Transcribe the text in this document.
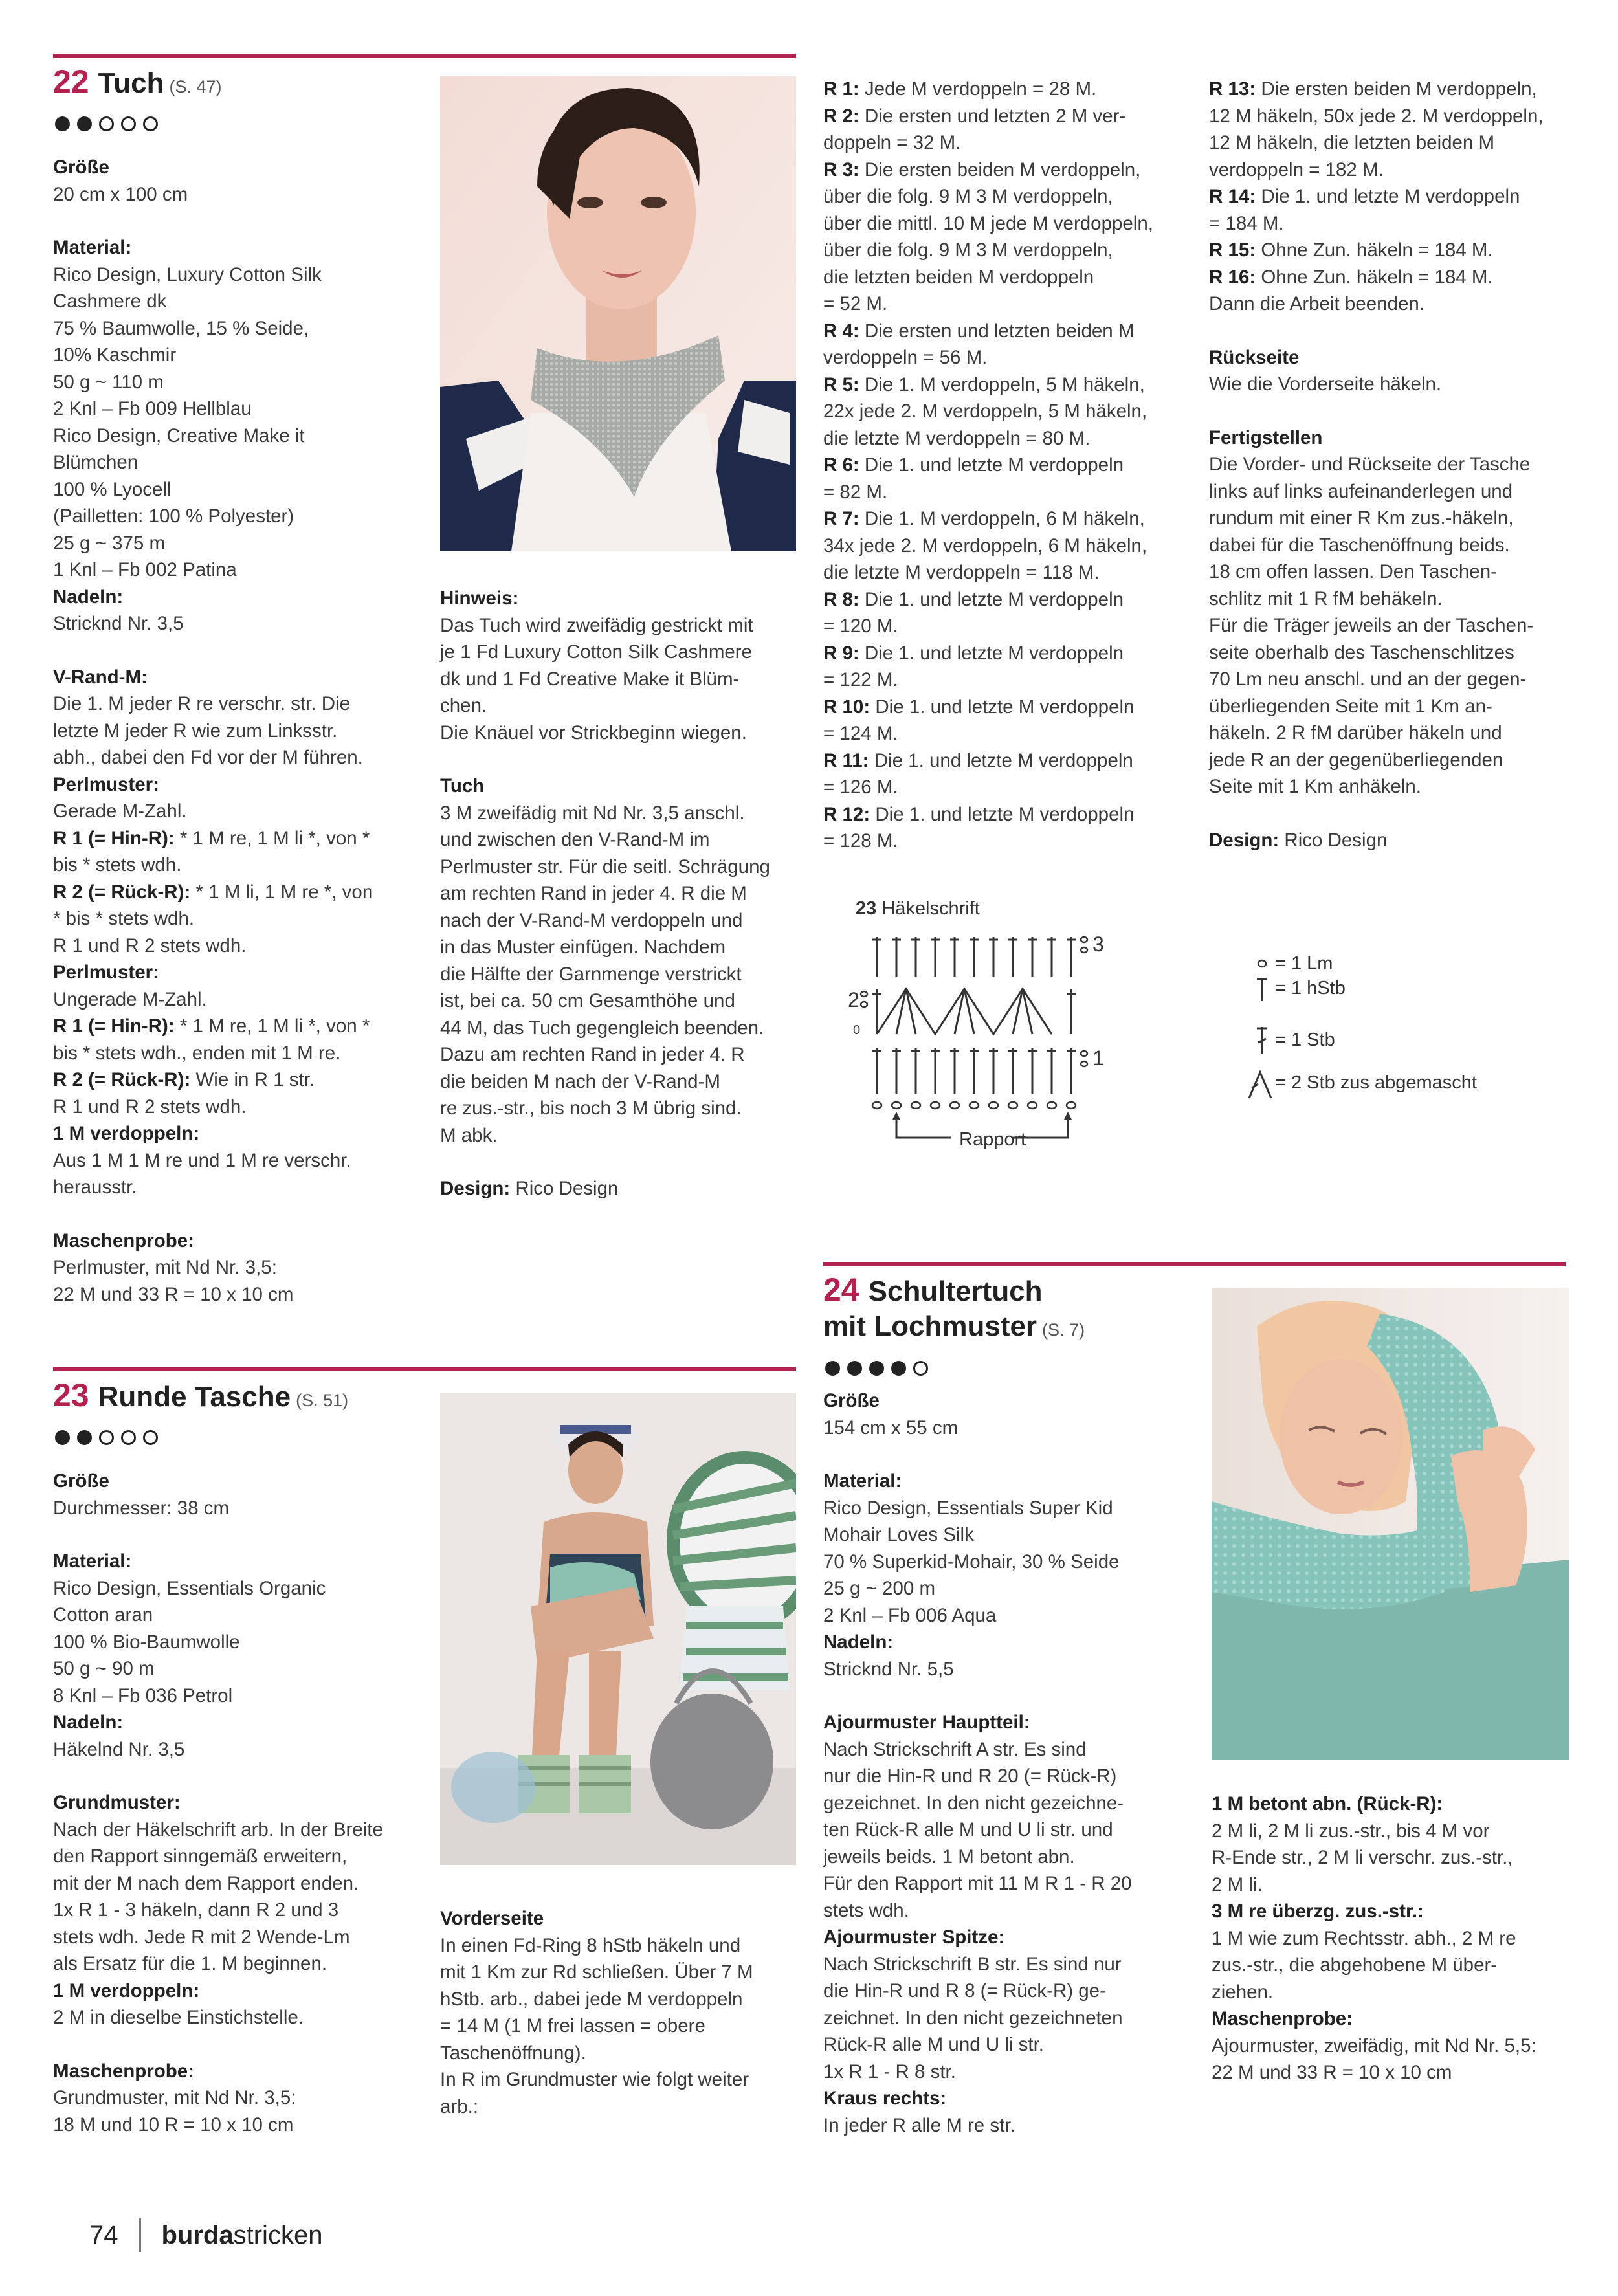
22 Tuch (S. 47)

Größe

20 cm x 100 cm

Material:

Rico Design, Luxury Cotton Silk

Cashmere dk

75 % Baumwolle, 15 % Seide,

10% Kaschmir

50 g ~ 110 m

2 Knl – Fb 009 Hellblau

Rico Design, Creative Make it

Blümchen

100 % Lyocell

(Pailletten: 100 % Polyester)

25 g ~ 375 m

1 Knl – Fb 002 Patina

Nadeln:

Stricknd Nr. 3,5

V-Rand-M:

Die 1. M jeder R re verschr. str. Die

letzte M jeder R wie zum Linksstr.

abh., dabei den Fd vor der M führen.

Perlmuster:

Gerade M-Zahl.

R 1 (= Hin-R): * 1 M re, 1 M li *, von *

bis * stets wdh.

R 2 (= Rück-R): * 1 M li, 1 M re *, von

* bis * stets wdh.

R 1 und R 2 stets wdh.

Perlmuster:

Ungerade M-Zahl.

R 1 (= Hin-R): * 1 M re, 1 M li *, von *

bis * stets wdh., enden mit 1 M re.

R 2 (= Rück-R): Wie in R 1 str.

R 1 und R 2 stets wdh.

1 M verdoppeln:

Aus 1 M 1 M re und 1 M re verschr.

herausstr.

Maschenprobe:

Perlmuster, mit Nd Nr. 3,5:

22 M und 33 R = 10 x 10 cm

Hinweis:

Das Tuch wird zweifädig gestrickt mit

je 1 Fd Luxury Cotton Silk Cashmere

dk und 1 Fd Creative Make it Blüm-

chen.

Die Knäuel vor Strickbeginn wiegen.

Tuch

3 M zweifädig mit Nd Nr. 3,5 anschl.

und zwischen den V-Rand-M im

Perlmuster str. Für die seitl. Schrägung

am rechten Rand in jeder 4. R die M

nach der V-Rand-M verdoppeln und

in das Muster einfügen. Nachdem

die Hälfte der Garnmenge verstrickt

ist, bei ca. 50 cm Gesamthöhe und

44 M, das Tuch gegengleich beenden.

Dazu am rechten Rand in jeder 4. R

die beiden M nach der V-Rand-M

re zus.-str., bis noch 3 M übrig sind.

M abk.

Design: Rico Design

R 1: Jede M verdoppeln = 28 M.

R 2: Die ersten und letzten 2 M ver-

doppeln = 32 M.

R 3: Die ersten beiden M verdoppeln,

über die folg. 9 M 3 M verdoppeln,

über die mittl. 10 M jede M verdoppeln,

über die folg. 9 M 3 M verdoppeln,

die letzten beiden M verdoppeln

= 52 M.

R 4: Die ersten und letzten beiden M

verdoppeln = 56 M.

R 5: Die 1. M verdoppeln, 5 M häkeln,

22x jede 2. M verdoppeln, 5 M häkeln,

die letzte M verdoppeln = 80 M.

R 6: Die 1. und letzte M verdoppeln

= 82 M.

R 7: Die 1. M verdoppeln, 6 M häkeln,

34x jede 2. M verdoppeln, 6 M häkeln,

die letzte M verdoppeln = 118 M.

R 8: Die 1. und letzte M verdoppeln

= 120 M.

R 9: Die 1. und letzte M verdoppeln

= 122 M.

R 10: Die 1. und letzte M verdoppeln

= 124 M.

R 11: Die 1. und letzte M verdoppeln

= 126 M.

R 12: Die 1. und letzte M verdoppeln

= 128 M.

R 13: Die ersten beiden M verdoppeln,

12 M häkeln, 50x jede 2. M verdoppeln,

12 M häkeln, die letzten beiden M

verdoppeln = 182 M.

R 14: Die 1. und letzte M verdoppeln

= 184 M.

R 15: Ohne Zun. häkeln = 184 M.

R 16: Ohne Zun. häkeln = 184 M.

Dann die Arbeit beenden.

Rückseite

Wie die Vorderseite häkeln.

Fertigstellen

Die Vorder- und Rückseite der Tasche

links auf links aufeinanderlegen und

rundum mit einer R Km zus.-häkeln,

dabei für die Taschenöffnung beids.

18 cm offen lassen. Den Taschen-

schlitz mit 1 R fM behäkeln.

Für die Träger jeweils an der Taschen-

seite oberhalb des Taschenschlitzes

70 Lm neu anschl. und an der gegen-

überliegenden Seite mit 1 Km an-

häkeln. 2 R fM darüber häkeln und

jede R an der gegenüberliegenden

Seite mit 1 Km anhäkeln.

Design: Rico Design

23 Häkelschrift
3
2
0
1
Rapport
= 1 Lm
= 1 hStb
= 1 Stb
= 2 Stb zus abgemascht
23 Runde Tasche (S. 51)

Größe

Durchmesser: 38 cm

Material:

Rico Design, Essentials Organic

Cotton aran

100 % Bio-Baumwolle

50 g ~ 90 m

8 Knl – Fb 036 Petrol

Nadeln:

Häkelnd Nr. 3,5

Grundmuster:

Nach der Häkelschrift arb. In der Breite

den Rapport sinngemäß erweitern,

mit der M nach dem Rapport enden.

1x R 1 - 3 häkeln, dann R 2 und 3

stets wdh. Jede R mit 2 Wende-Lm

als Ersatz für die 1. M beginnen.

1 M verdoppeln:

2 M in dieselbe Einstichstelle.

Maschenprobe:

Grundmuster, mit Nd Nr. 3,5:

18 M und 10 R = 10 x 10 cm

Vorderseite

In einen Fd-Ring 8 hStb häkeln und

mit 1 Km zur Rd schließen. Über 7 M

hStb. arb., dabei jede M verdoppeln

= 14 M (1 M frei lassen = obere

Taschenöffnung).

In R im Grundmuster wie folgt weiter

arb.:

24 Schultertuch
mit Lochmuster (S. 7)

Größe

154 cm x 55 cm

Material:

Rico Design, Essentials Super Kid

Mohair Loves Silk

70 % Superkid-Mohair, 30 % Seide

25 g ~ 200 m

2 Knl – Fb 006 Aqua

Nadeln:

Stricknd Nr. 5,5

Ajourmuster Hauptteil:

Nach Strickschrift A str. Es sind

nur die Hin-R und R 20 (= Rück-R)

gezeichnet. In den nicht gezeichne-

ten Rück-R alle M und U li str. und

jeweils beids. 1 M betont abn.

Für den Rapport mit 11 M R 1 - R 20

stets wdh.

Ajourmuster Spitze:

Nach Strickschrift B str. Es sind nur

die Hin-R und R 8 (= Rück-R) ge-

zeichnet. In den nicht gezeichneten

Rück-R alle M und U li str.

1x R 1 - R 8 str.

Kraus rechts:

In jeder R alle M re str.

1 M betont abn. (Rück-R):

2 M li, 2 M li zus.-str., bis 4 M vor

R-Ende str., 2 M li verschr. zus.-str.,

2 M li.

3 M re überzg. zus.-str.:

1 M wie zum Rechtsstr. abh., 2 M re

zus.-str., die abgehobene M über-

ziehen.

Maschenprobe:

Ajourmuster, zweifädig, mit Nd Nr. 5,5:

22 M und 33 R = 10 x 10 cm

74 burdastricken
